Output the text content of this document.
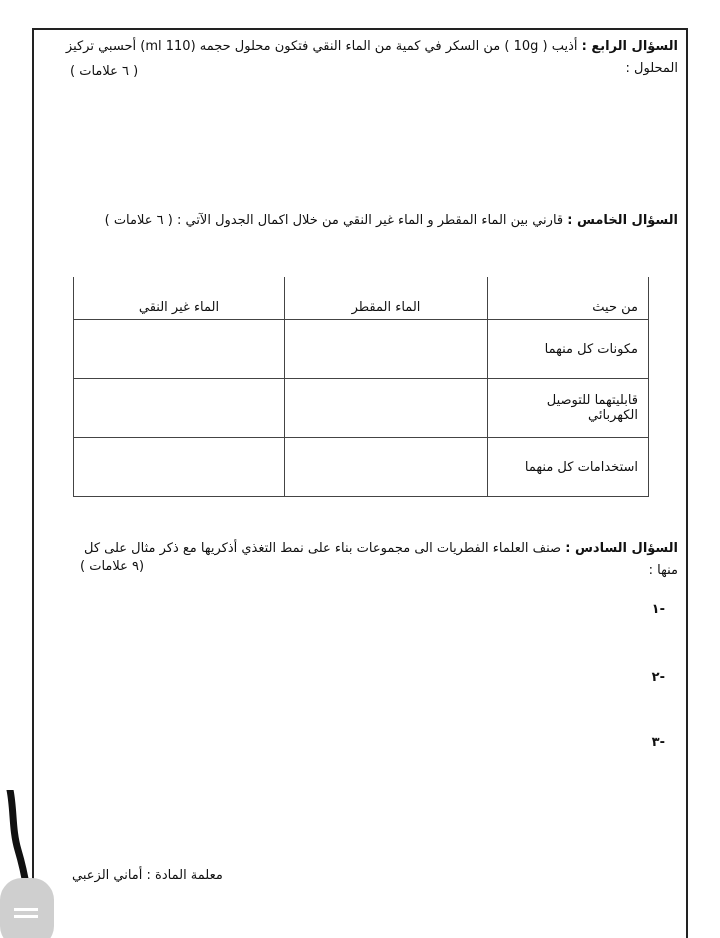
السؤال الرابع : أذيب ( 10g ) من السكر في كمية من الماء النقي فتكون محلول حجمه (110 ml) أحسبي تركيز المحلول :
( ٦ علامات )
السؤال الخامس : قارني بين الماء المقطر و الماء غير النقي من خلال اكمال الجدول الآتي : ( ٦ علامات )
من حيث	الماء المقطر	الماء غير النقي
مكونات كل منهما		
قابليتهما للتوصيل الكهربائي		
استخدامات كل منهما		
السؤال السادس : صنف العلماء الفطريات الى مجموعات بناء على نمط التغذي أذكريها مع ذكر مثال على كل منها :
(٩ علامات )
-١
-٢
-٣
معلمة المادة : أماني الزعبي
